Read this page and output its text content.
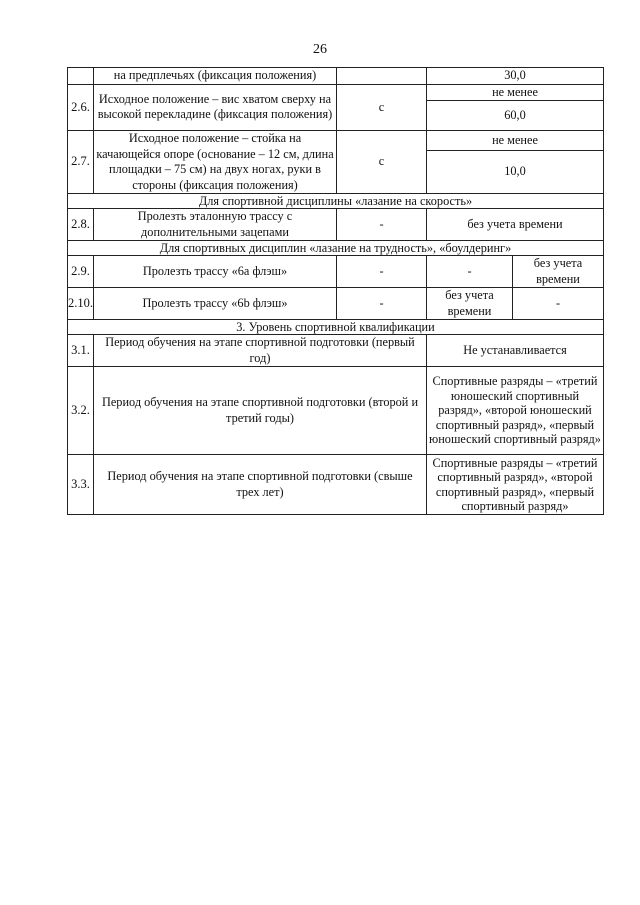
26
	на предплечьях (фиксация положения)		30,0	
2.6.	Исходное положение – вис хватом сверху на высокой перекладине (фиксация положения)	с	не менее	
			60,0	
2.7.	Исходное положение – стойка на качающейся опоре (основание – 12 см, длина площадки – 75 см) на двух ногах, руки в стороны (фиксация положения)	с	не менее	
			10,0	
Для спортивной дисциплины «лазание на скорость»				
2.8.	Пролезть эталонную трассу с дополнительными зацепами	-	без учета времени	
Для спортивных дисциплин «лазание на трудность», «боулдеринг»				
2.9.	Пролезть трассу «6а флэш»	-	-	без учета времени
2.10.	Пролезть трассу «6b флэш»	-	без учета времени	-
3. Уровень спортивной квалификации				
3.1.	Период обучения на этапе спортивной подготовки (первый год)		Не устанавливается	
3.2.	Период обучения на этапе спортивной подготовки (второй и третий годы)		Спортивные разряды – «третий юношеский спортивный разряд», «второй юношеский спортивный разряд», «первый юношеский спортивный разряд»	
3.3.	Период обучения на этапе спортивной подготовки (свыше трех лет)		Спортивные разряды – «третий спортивный разряд», «второй спортивный разряд», «первый спортивный разряд»	
